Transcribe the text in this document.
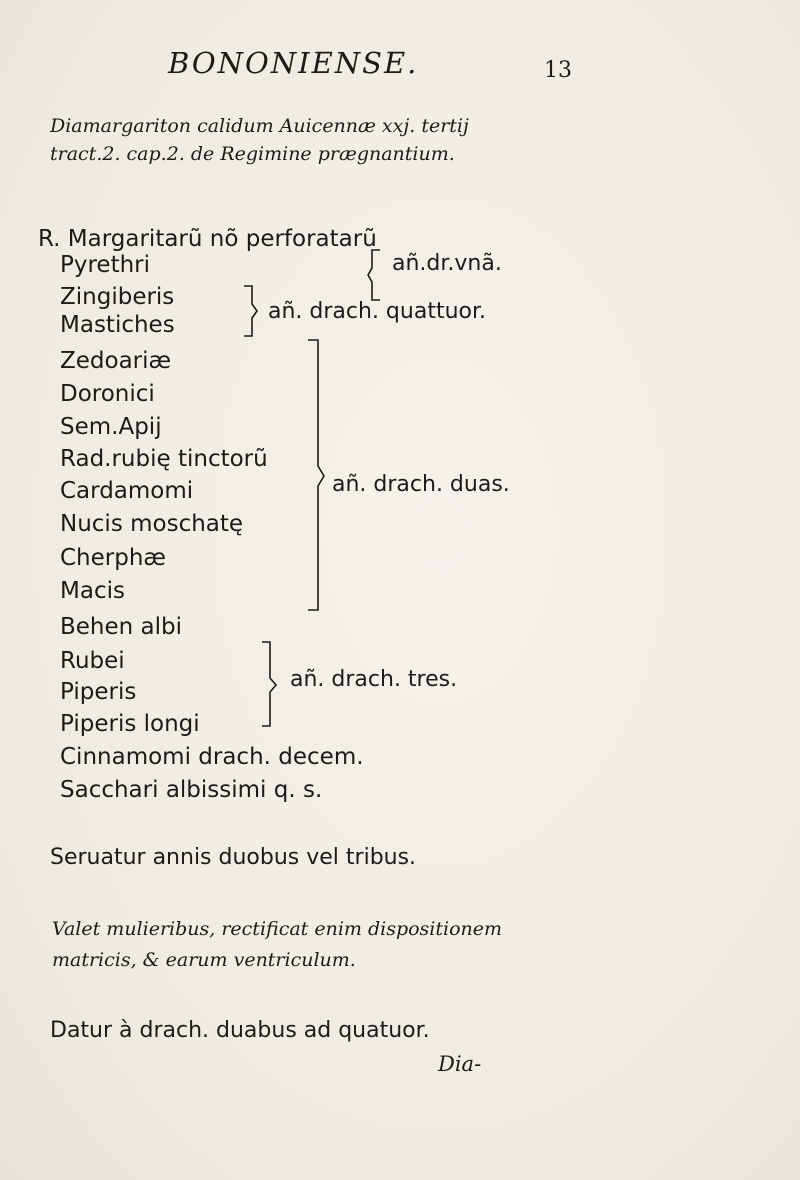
BONONIENSE.	13
Diamargariton calidum Auicennæ xxj. tertij
tract.2. cap.2. de Regimine prægnantium.
R. Margaritarũ nõ perforatarũ
Pyrethri
Zingiberis
Mastiches
Zedoariæ
Doronici
Sem.Apij
Rad.rubię tinctorũ
Cardamomi
Nucis moschatę
Cherphæ
Macis
Behen albi
Rubei
Piperis
Piperis longi
Cinnamomi drach. decem.
Sacchari albissimi q. s.
añ.dr.vnã.
añ. drach. quattuor.
añ. drach. duas.
añ. drach. tres.
Seruatur annis duobus vel tribus.
Valet mulieribus, rectificat enim dispositionem
matricis, & earum ventriculum.
Datur à drach. duabus ad quatuor.
Dia-
